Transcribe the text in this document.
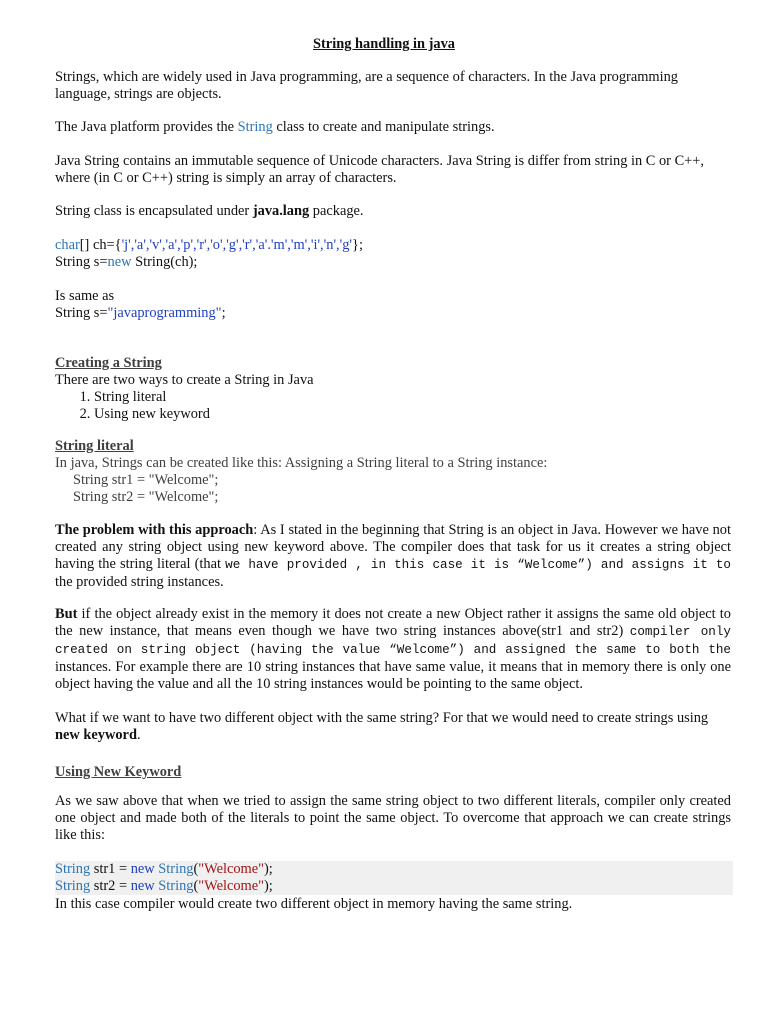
String handling in java

Strings, which are widely used in Java programming, are a sequence of characters. In the Java programming language, strings are objects.

The Java platform provides the String class to create and manipulate strings.

Java String contains an immutable sequence of Unicode characters. Java String is differ from string in C or C++, where (in C or C++) string is simply an array of characters.

String class is encapsulated under java.lang package.

char[] ch={'j','a','v','a','p','r','o','g','r','a'.'m','m','i','n','g'};
String s=new String(ch);
Is same as
String s="javaprogramming";
Creating a String
There are two ways to create a String in Java
1. String literal
2. Using new keyword
String literal
In java, Strings can be created like this: Assigning a String literal to a String instance:
String str1 = "Welcome";
String str2 = "Welcome";

The problem with this approach: As I stated in the beginning that String is an object in Java. However we have not created any string object using new keyword above. The compiler does that task for us it creates a string object having the string literal (that we have provided , in this case it is “Welcome”) and assigns it to the provided string instances.

But if the object already exist in the memory it does not create a new Object rather it assigns the same old object to the new instance, that means even though we have two string instances above(str1 and str2) compiler only created on string object (having the value “Welcome”) and assigned the same to both the instances. For example there are 10 string instances that have same value, it means that in memory there is only one object having the value and all the 10 string instances would be pointing to the same object.

What if we want to have two different object with the same string? For that we would need to create strings using new keyword.

Using New Keyword

As we saw above that when we tried to assign the same string object to two different literals, compiler only created one object and made both of the literals to point the same object. To overcome that approach we can create strings like this:

String str1 = new String("Welcome");
String str2 = new String("Welcome");
In this case compiler would create two different object in memory having the same string.
